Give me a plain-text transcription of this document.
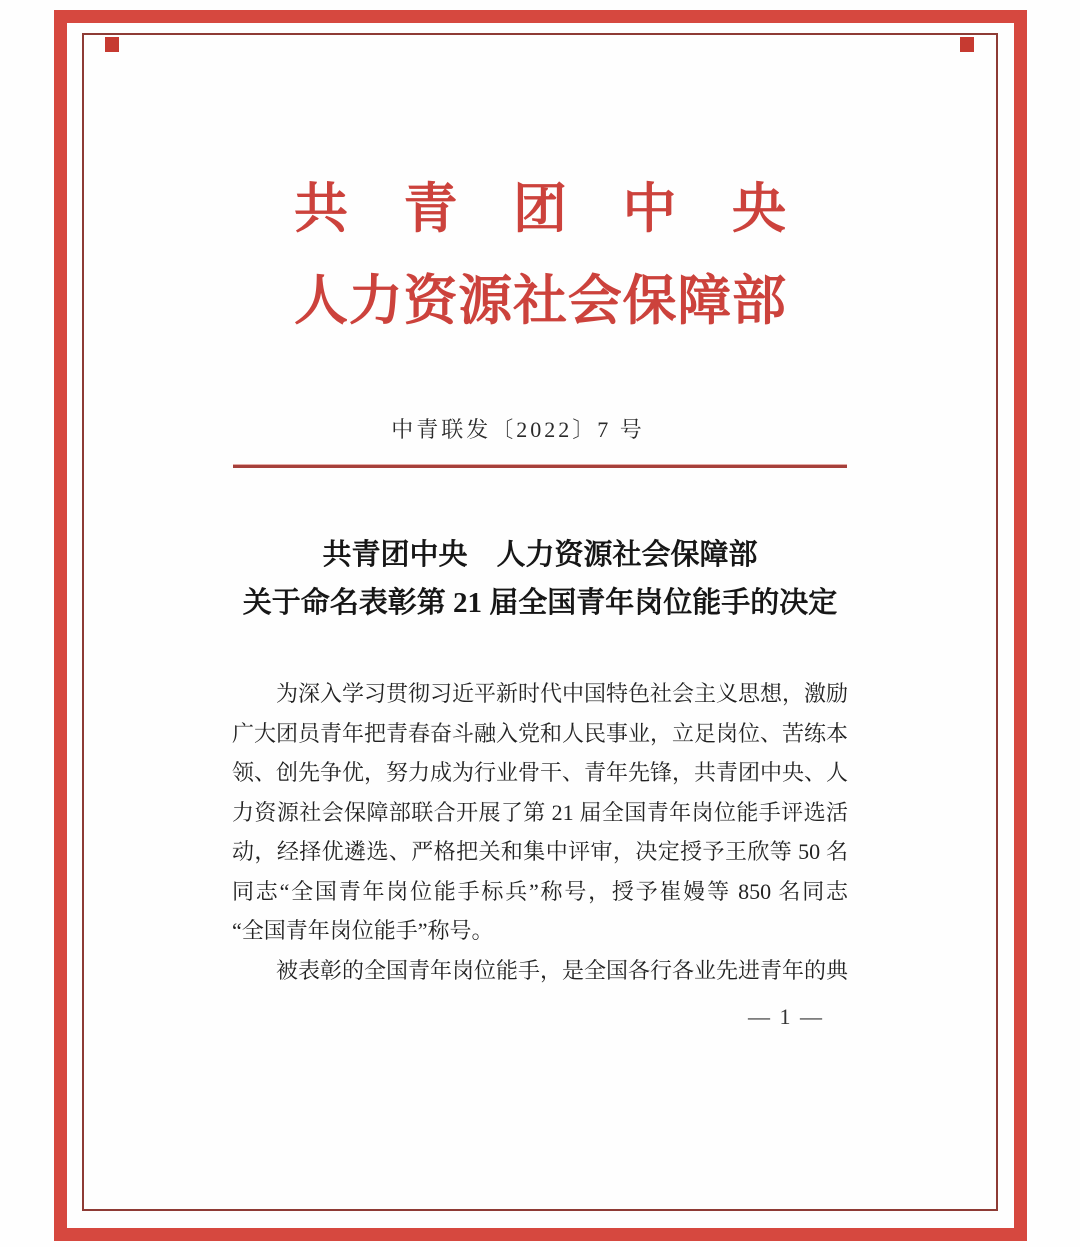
共青团中央
人力资源社会保障部
中青联发〔2022〕7 号
共青团中央　人力资源社会保障部
关于命名表彰第 21 届全国青年岗位能手的决定
为深入学习贯彻习近平新时代中国特色社会主义思想，激励
广大团员青年把青春奋斗融入党和人民事业，立足岗位、苦练本
领、创先争优，努力成为行业骨干、青年先锋，共青团中央、人
力资源社会保障部联合开展了第 21 届全国青年岗位能手评选活
动，经择优遴选、严格把关和集中评审，决定授予王欣等 50 名
同志“全国青年岗位能手标兵”称号，授予崔嫚等 850 名同志
“全国青年岗位能手”称号。
被表彰的全国青年岗位能手，是全国各行各业先进青年的典
— 1 —
